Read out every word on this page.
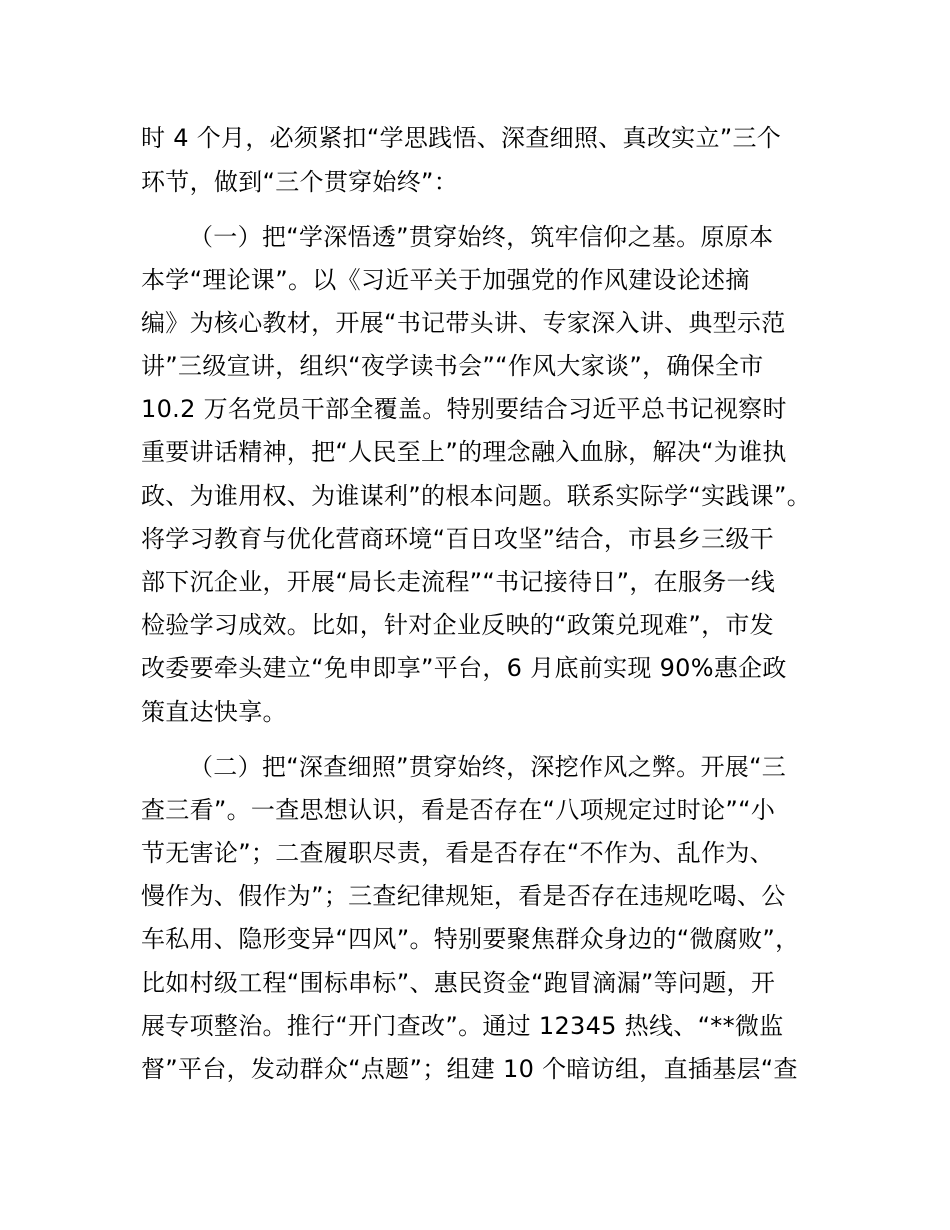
时 4 个月，必须紧扣“学思践悟、深查细照、真改实立”三个
环节，做到“三个贯穿始终”：
（一）把“学深悟透”贯穿始终，筑牢信仰之基。原原本
本学“理论课”。以《习近平关于加强党的作风建设论述摘
编》为核心教材，开展“书记带头讲、专家深入讲、典型示范
讲”三级宣讲，组织“夜学读书会”“作风大家谈”，确保全市
10.2 万名党员干部全覆盖。特别要结合习近平总书记视察时
重要讲话精神，把“人民至上”的理念融入血脉，解决“为谁执
政、为谁用权、为谁谋利”的根本问题。联系实际学“实践课”。
将学习教育与优化营商环境“百日攻坚”结合，市县乡三级干
部下沉企业，开展“局长走流程”“书记接待日”，在服务一线
检验学习成效。比如，针对企业反映的“政策兑现难”，市发
改委要牵头建立“免申即享”平台，6 月底前实现 90%惠企政
策直达快享。
（二）把“深查细照”贯穿始终，深挖作风之弊。开展“三
查三看”。一查思想认识，看是否存在“八项规定过时论”“小
节无害论”；二查履职尽责，看是否存在“不作为、乱作为、
慢作为、假作为”；三查纪律规矩，看是否存在违规吃喝、公
车私用、隐形变异“四风”。特别要聚焦群众身边的“微腐败”，
比如村级工程“围标串标”、惠民资金“跑冒滴漏”等问题，开
展专项整治。推行“开门查改”。通过 12345 热线、“**微监
督”平台，发动群众“点题”；组建 10 个暗访组，直插基层“查
